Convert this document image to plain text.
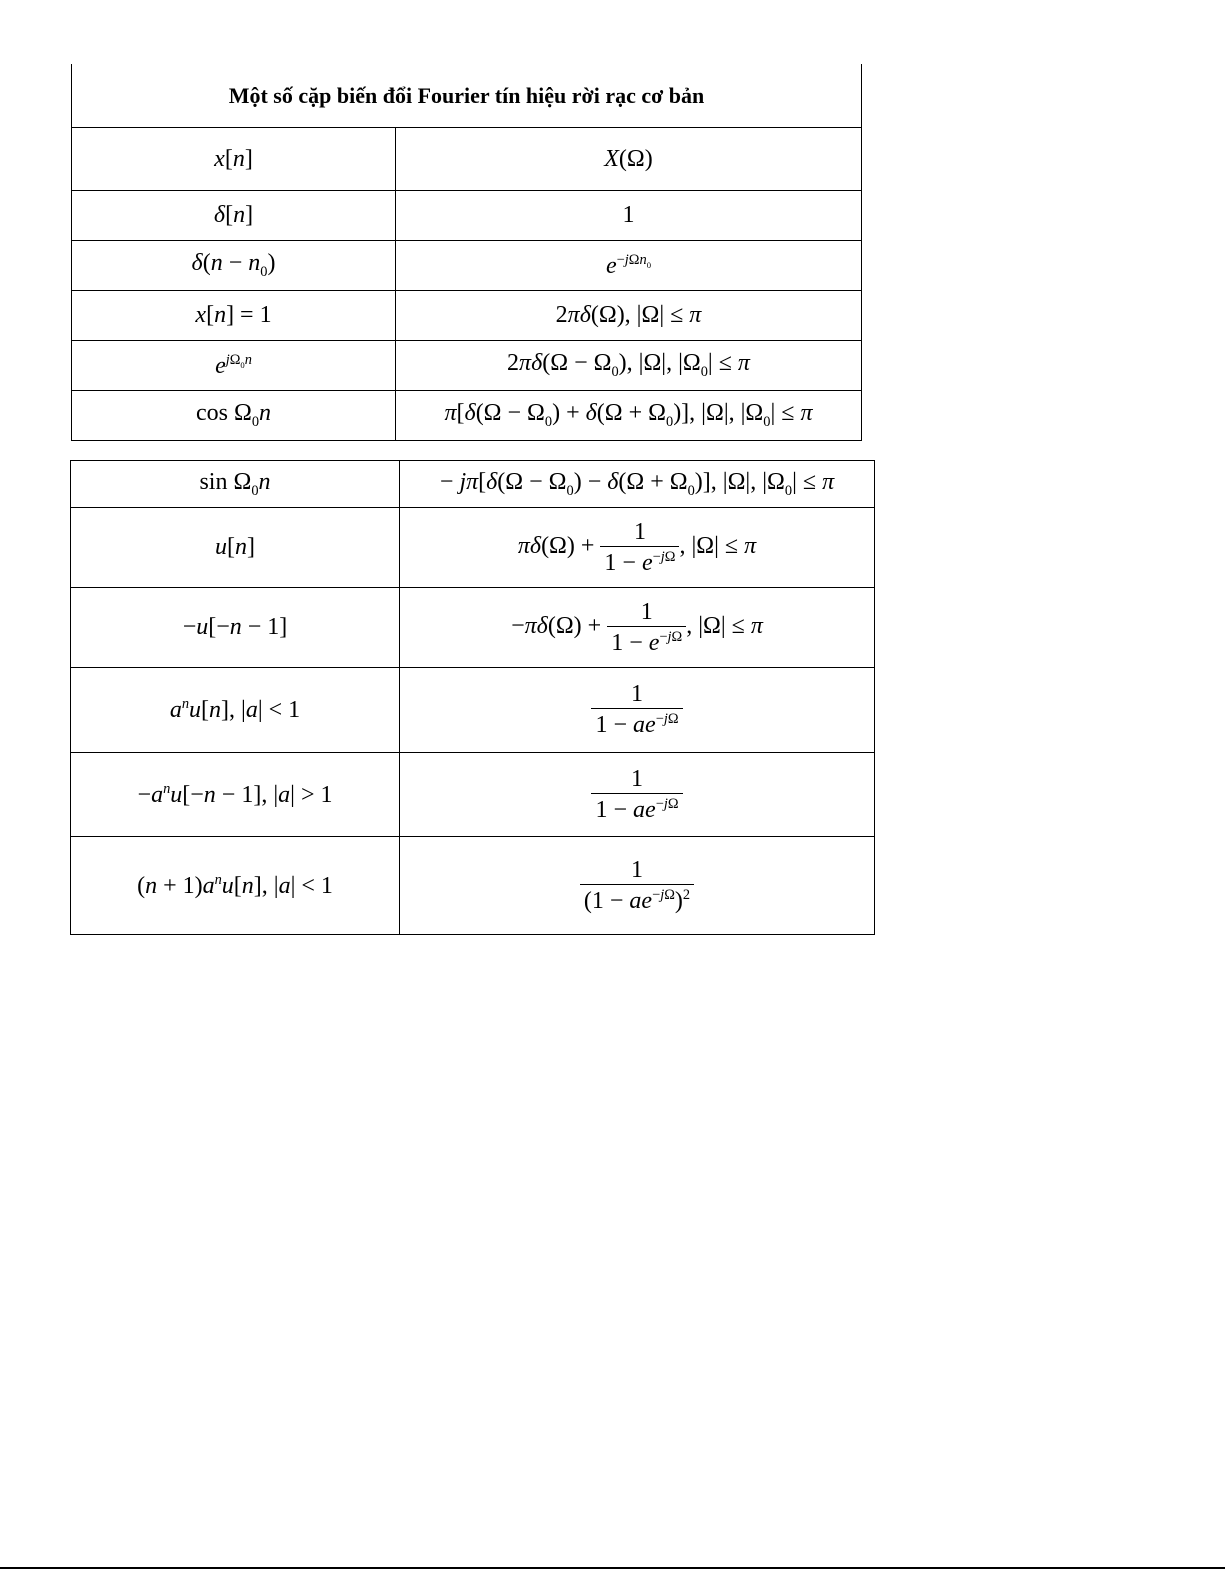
Một số cặp biến đổi Fourier tín hiệu rời rạc cơ bản	
x[n]	X(Ω)
δ[n]	1
$\delta(n - n_0)$	$e^{-j\Omega n_0}$
x[n] = 1	2πδ(Ω), |Ω| ≤ π
$e^{j\Omega_0n}$	$2\pi\delta(\Omega - \Omega_0)$, |Ω|, $|\Omega_0| \le \pi$
$\cos \Omega_0n$	$\pi[\delta(\Omega - \Omega_0) + \delta(\Omega + \Omega_0)]$, |Ω|, $|\Omega_0| \le \pi$
$\sin \Omega_0n$	− $j\pi[\delta(\Omega - \Omega_0) - \delta(\Omega + \Omega_0)]$, |Ω|, $|\Omega_0| \le \pi$
u[n]	$\pi\delta(\Omega) + \frac{1}{1 - e^{-j\Omega}}$ , |Ω| ≤ π
−u[−n − 1]	$-\pi\delta(\Omega) + \frac{1}{1 - e^{-j\Omega}}$ , |Ω| ≤ π
$a^nu[n]$, |a| < 1	$\frac{1}{1 - ae^{-j\Omega}}$

$-a^nu[-n - 1]$, |a| > 1	$\frac{1}{1 - ae^{-j\Omega}}$

$(n + 1)a^nu[n]$, |a| < 1	$\frac{1}{(1 - ae^{-j\Omega})^2}$
